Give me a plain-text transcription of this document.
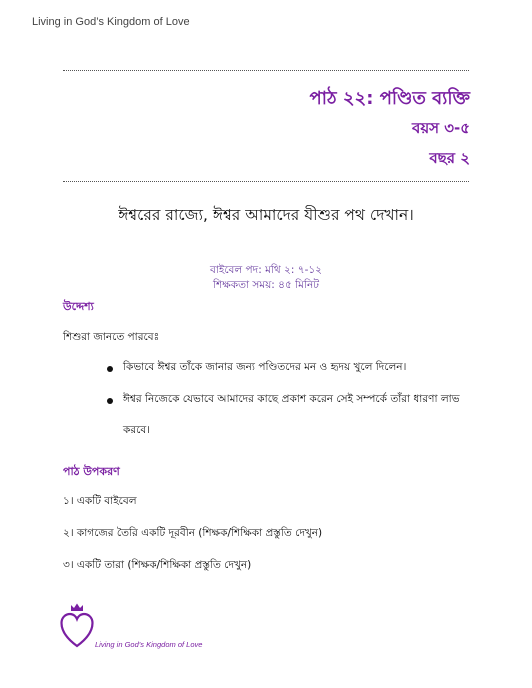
Living in God’s Kingdom of Love
পাঠ ২২: পণ্ডিত ব্যক্তি
বয়স ৩-৫
বছর ২
ঈশ্বরের রাজ্যে, ঈশ্বর আমাদের যীশুর পথ দেখান।
বাইবেল পদ: মথি ২: ৭-১২
শিক্ষকতা সময়: ৪৫ মিনিট
উদ্দেশ্য
শিশুরা জানতে পারবেঃ
কিভাবে ঈশ্বর তাঁকে জানার জন্য পণ্ডিতদের মন ও হৃদয় খুলে দিলেন।
ঈশ্বর নিজেকে যেভাবে আমাদের কাছে প্রকাশ করেন সেই সম্পর্কে তাঁরা ধারণা লাভ
করবে।
পাঠ উপকরণ
১। একটি বাইবেল
২। কাগজের তৈরি একটি দূরবীন (শিক্ষক/শিক্ষিকা প্রস্তুতি দেখুন)
৩। একটি তারা (শিক্ষক/শিক্ষিকা প্রস্তুতি দেখুন)
Living in God’s Kingdom of Love
